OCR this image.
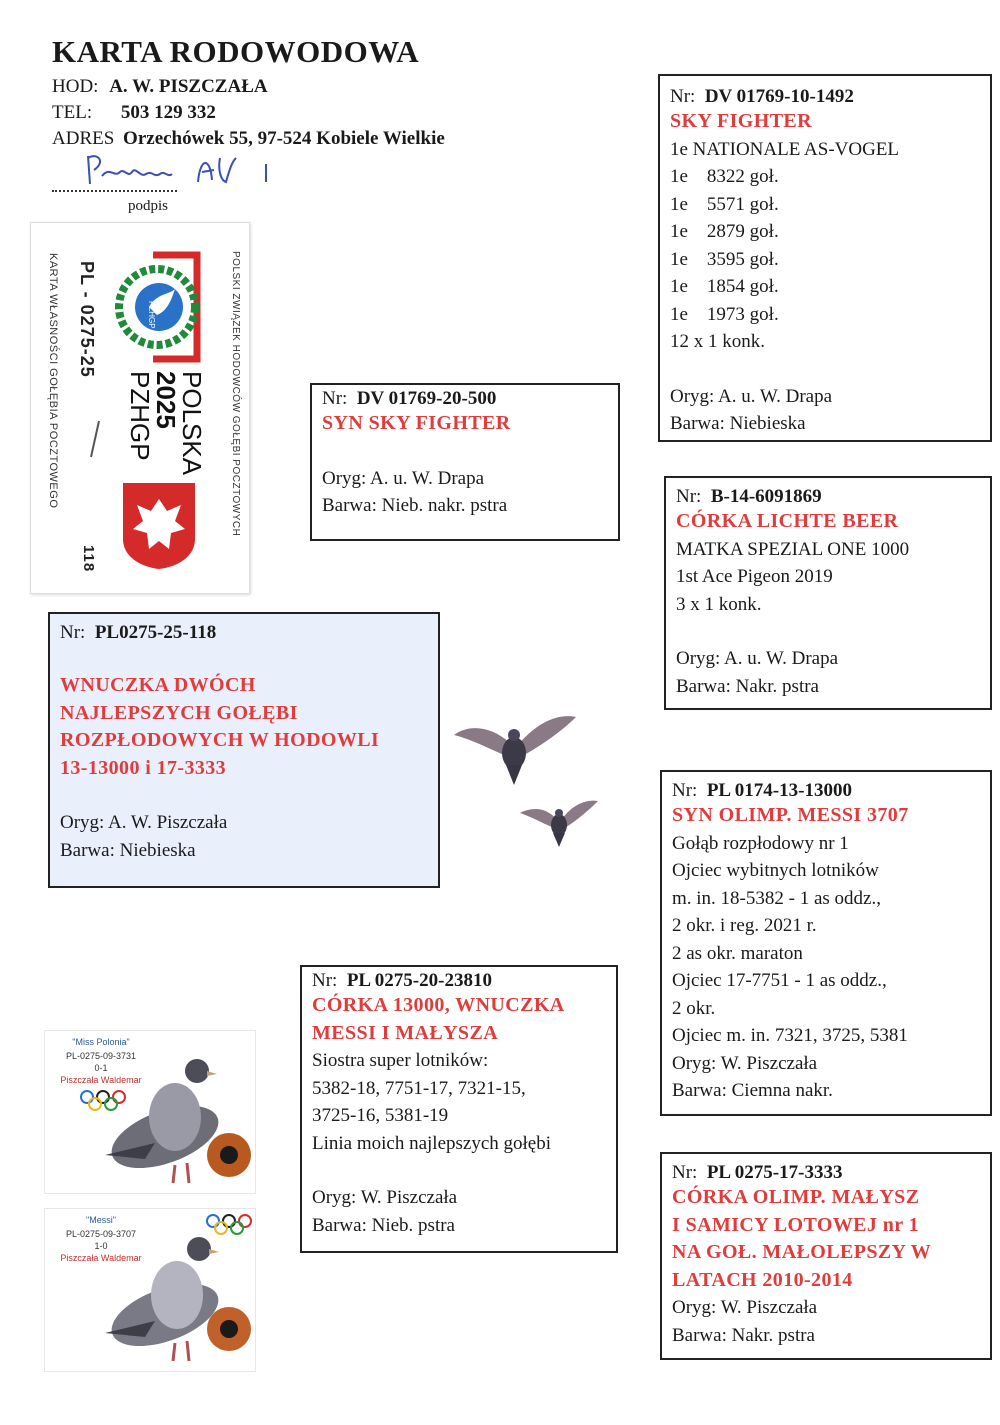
KARTA RODOWODOWA
HOD: A. W. PISZCZAŁA
TEL: 503 129 332
ADRES Orzechówek 55, 97-524 Kobiele Wielkie
podpis
POLSKI ZWIĄZEK HODOWCÓW GOŁĘBI POCZTOWYCH
PZHGP
POLSKA
2025
PZHGP
PL - 0275-25
118
KARTA WŁASNOŚCI GOŁĘBIA POCZTOWEGO	Nr: DV 01769-20-500
SYN SKY FIGHTER
Oryg: A. u. W. Drapa
Barwa: Nieb. nakr. pstra
Nr: PL0275-25-118
WNUCZKA DWÓCH
NAJLEPSZYCH GOŁĘBI
ROZPŁODOWYCH W HODOWLI
13-13000 i 17-3333
Oryg: A. W. Piszczała
Barwa: Niebieska
Nr: PL 0275-20-23810
CÓRKA 13000, WNUCZKA
MESSI I MAŁYSZA
Siostra super lotników:
5382-18, 7751-17, 7321-15,
3725-16, 5381-19
Linia moich najlepszych gołębi
Oryg: W. Piszczała
Barwa: Nieb. pstra
Nr: DV 01769-10-1492
SKY FIGHTER
1e NATIONALE AS-VOGEL
1e    8322 goł.
1e    5571 goł.
1e    2879 goł.
1e    3595 goł.
1e    1854 goł.
1e    1973 goł.
12 x 1 konk.
Oryg: A. u. W. Drapa
Barwa: Niebieska
Nr: B-14-6091869
CÓRKA LICHTE BEER
MATKA SPEZIAL ONE 1000
1st Ace Pigeon 2019
3 x 1 konk.
Oryg: A. u. W. Drapa
Barwa: Nakr. pstra
Nr: PL 0174-13-13000
SYN OLIMP. MESSI 3707
Gołąb rozpłodowy nr 1
Ojciec wybitnych lotników
m. in. 18-5382 - 1 as oddz.,
2 okr. i reg. 2021 r.
2 as okr. maraton
Ojciec 17-7751 - 1 as oddz.,
2 okr.
Ojciec m. in. 7321, 3725, 5381
Oryg: W. Piszczała
Barwa: Ciemna nakr.
Nr: PL 0275-17-3333
CÓRKA OLIMP. MAŁYSZ
I SAMICY LOTOWEJ nr 1
NA GOŁ. MAŁOLEPSZY W
LATACH 2010-2014
Oryg: W. Piszczała
Barwa: Nakr. pstra
"Miss Polonia"
PL-0275-09-3731
0-1
Piszczała Waldemar
"Messi"
PL-0275-09-3707
1-0
Piszczała Waldemar
